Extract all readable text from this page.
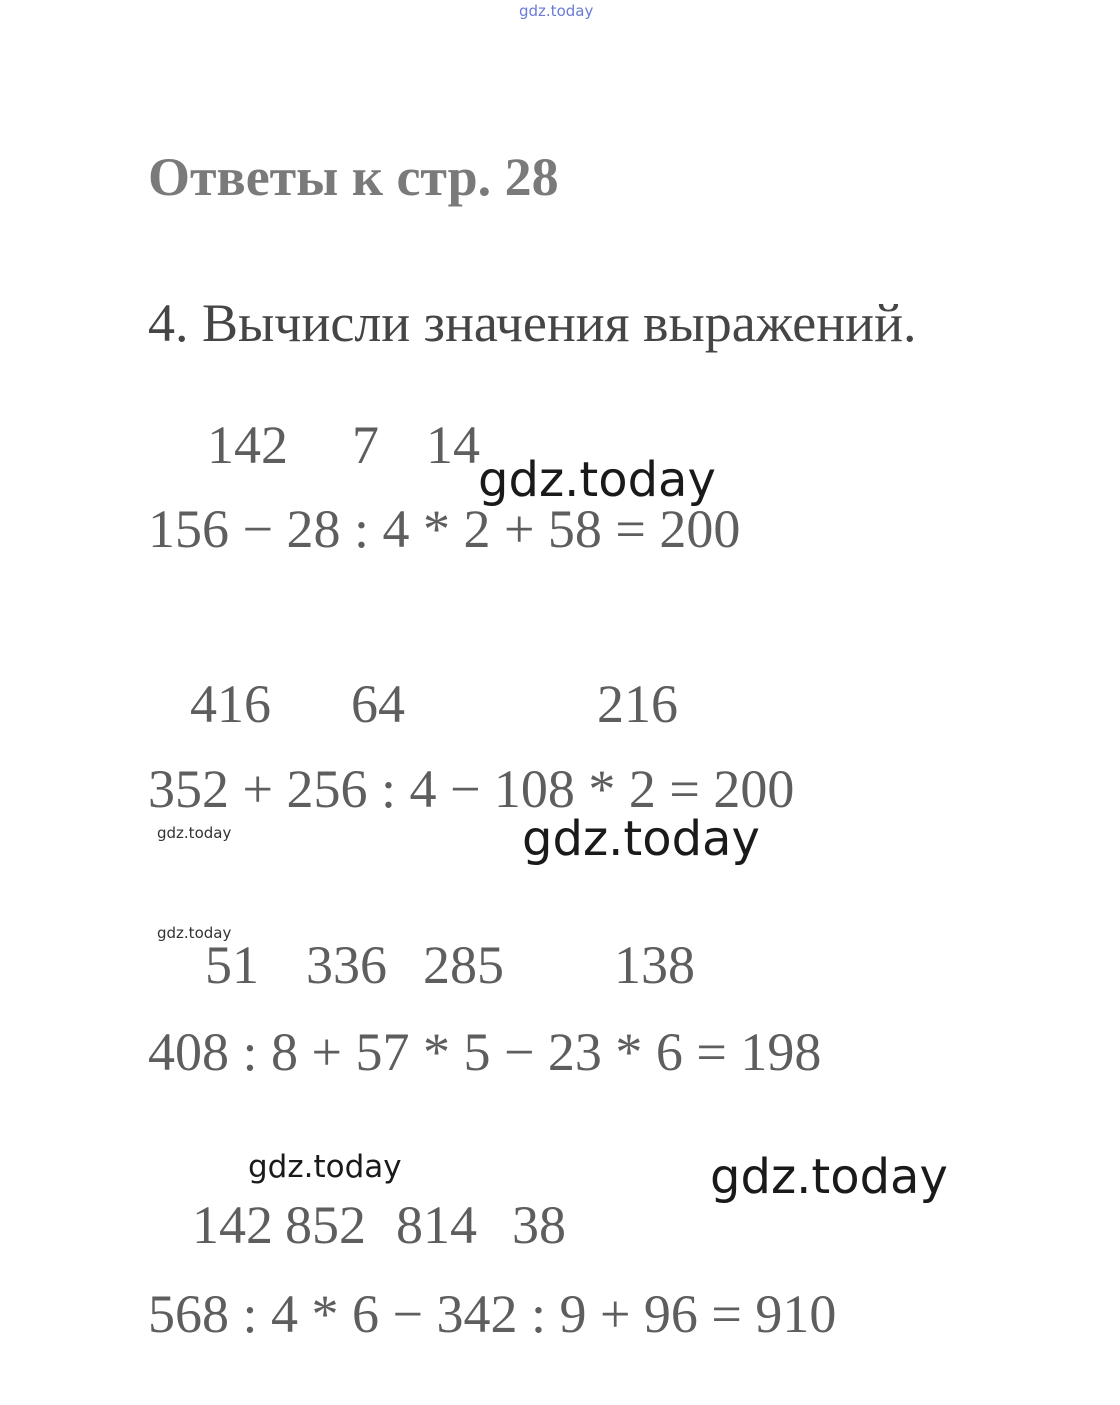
gdz.today
Ответы к стр. 28

4. Вычисли значения выражений.

142 7 14
156 − 28 : 4 * 2 + 58 = 200
gdz.today
416 64	216
352 + 256 : 4 − 108 * 2 = 200
gdz.today	gdz.today
gdz.today
51 336 285 138
408 : 8 + 57 * 5 − 23 * 6 = 198
gdz.today	gdz.today
142 852 814 38
568 : 4 * 6 − 342 : 9 + 96 = 910
